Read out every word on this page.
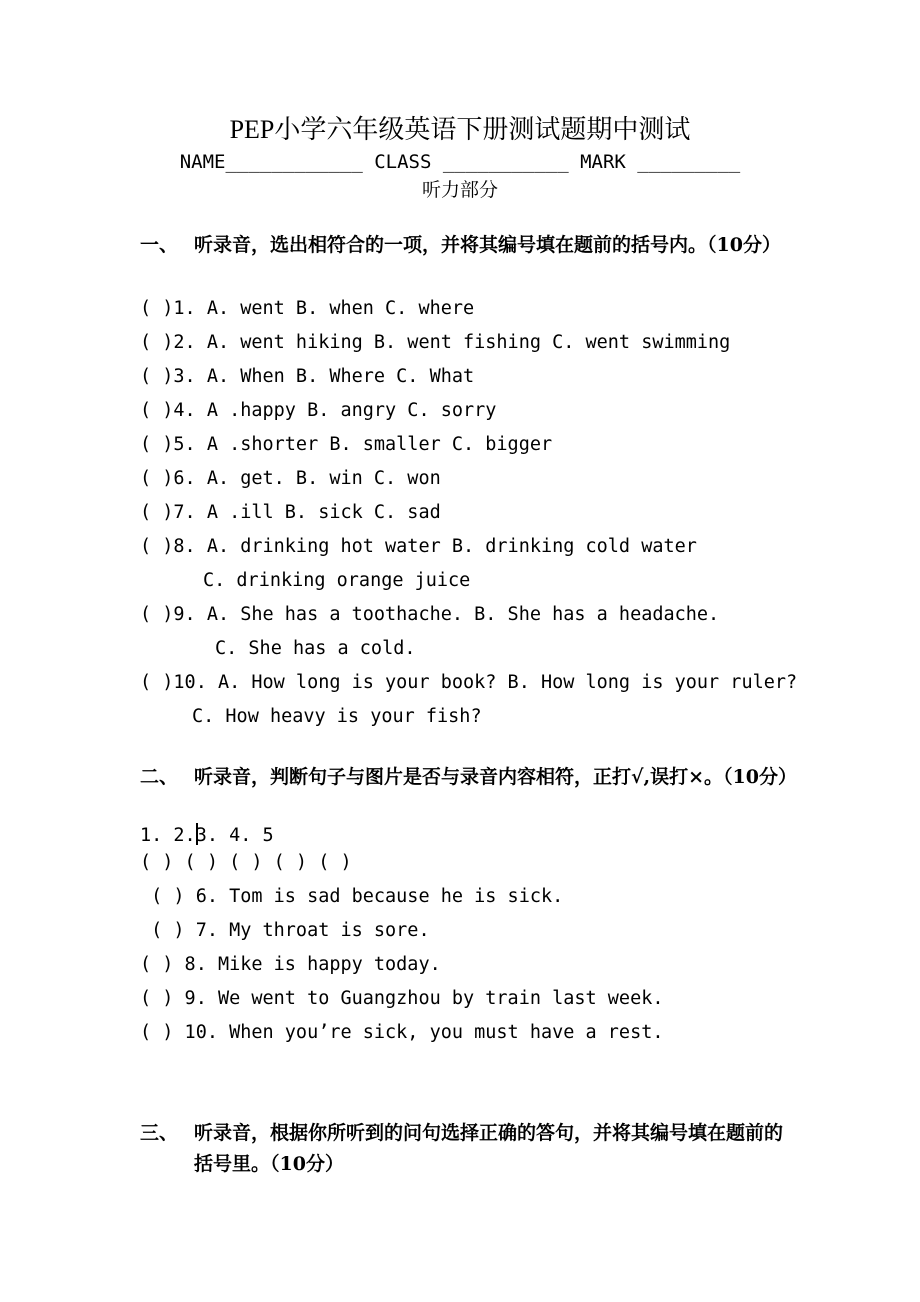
PEP小学六年级英语下册测试题期中测试
NAME____________ CLASS ___________ MARK _________
听力部分
一、 听录音，选出相符合的一项，并将其编号填在题前的括号内。（10分）
( )1. A. went B. when C. where
( )2. A. went hiking B. went fishing C. went swimming
( )3. A. When B. Where C. What
( )4. A .happy B. angry C. sorry
( )5. A .shorter B. smaller C. bigger
( )6. A. get. B. win C. won
( )7. A .ill B. sick C. sad
( )8. A. drinking hot water B. drinking cold water
C. drinking orange juice
( )9. A. She has a toothache. B. She has a headache.
C. She has a cold.
( )10. A. How long is your book? B. How long is your ruler?
C. How heavy is your fish?
二、 听录音，判断句子与图片是否与录音内容相符，正打√,误打×。（10分）
1. 2.3. 4. 5
( ) ( ) ( ) ( ) ( )
( ) 6. Tom is sad because he is sick.
( ) 7. My throat is sore.
( ) 8. Mike is happy today.
( ) 9. We went to Guangzhou by train last week.
( ) 10. When you’re sick, you must have a rest.
三、 听录音，根据你所听到的问句选择正确的答句，并将其编号填在题前的括号里。（10分）
